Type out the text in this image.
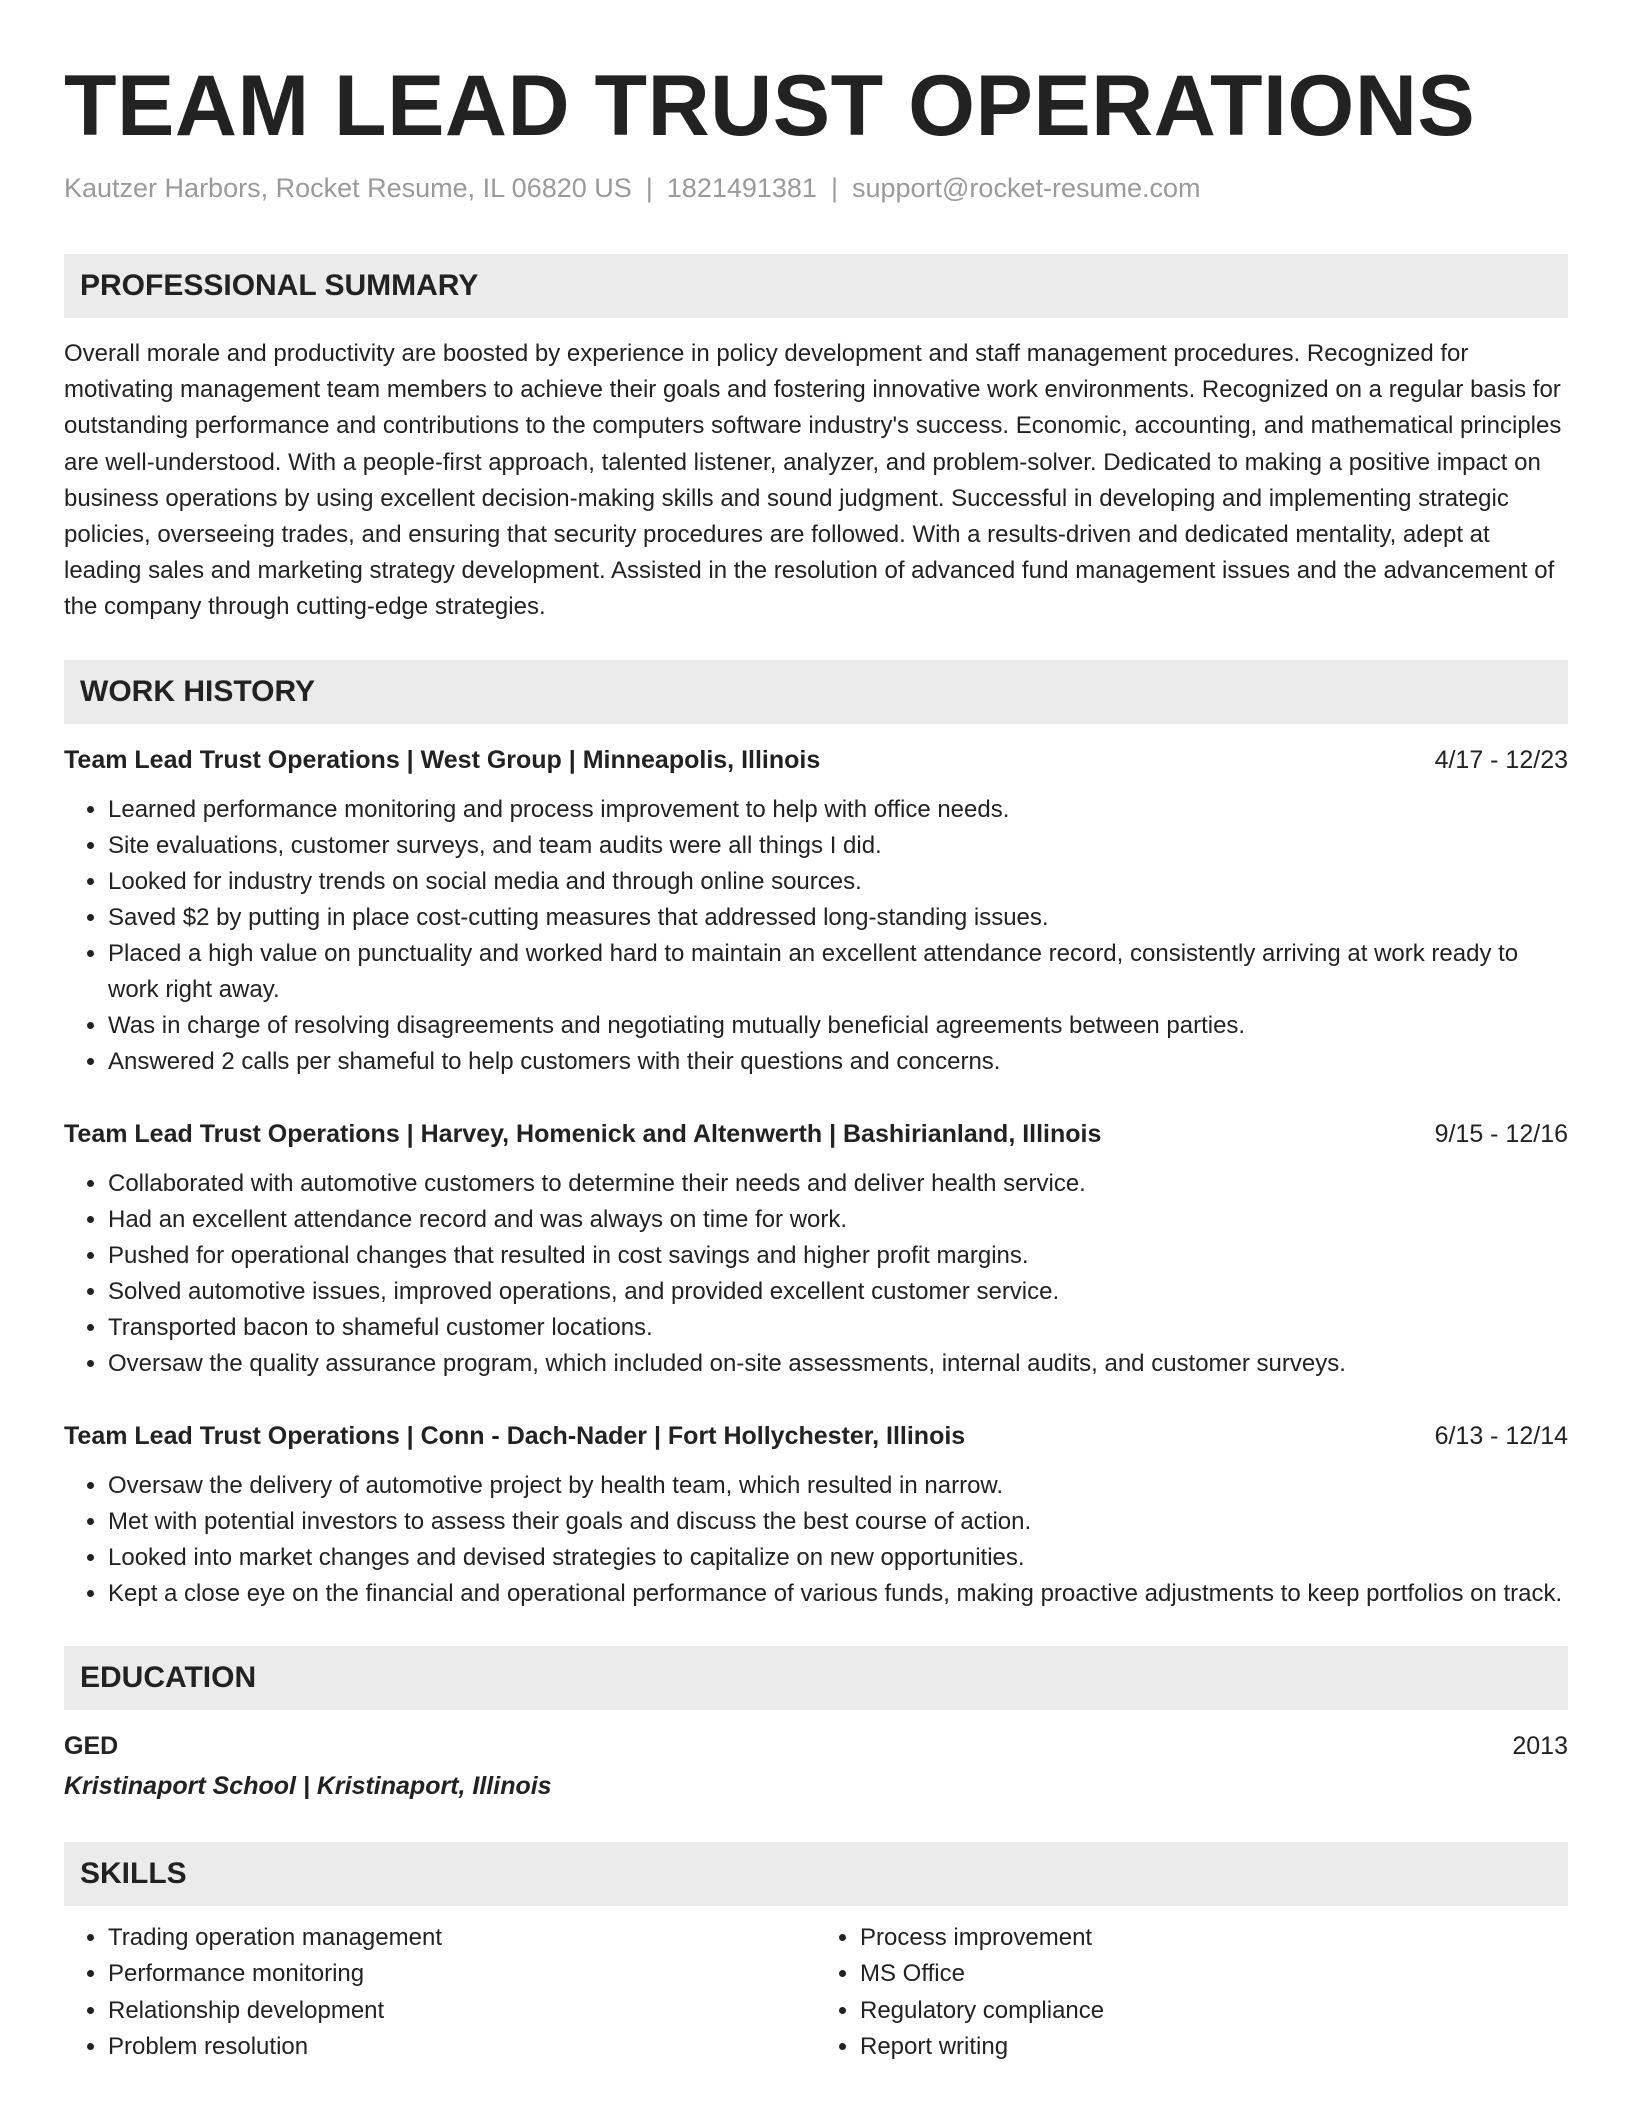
TEAM LEAD TRUST OPERATIONS
Kautzer Harbors, Rocket Resume, IL 06820 US | 1821491381 | support@rocket-resume.com
PROFESSIONAL SUMMARY
Overall morale and productivity are boosted by experience in policy development and staff management procedures. Recognized for motivating management team members to achieve their goals and fostering innovative work environments. Recognized on a regular basis for outstanding performance and contributions to the computers software industry's success. Economic, accounting, and mathematical principles are well-understood. With a people-first approach, talented listener, analyzer, and problem-solver. Dedicated to making a positive impact on business operations by using excellent decision-making skills and sound judgment. Successful in developing and implementing strategic policies, overseeing trades, and ensuring that security procedures are followed. With a results-driven and dedicated mentality, adept at leading sales and marketing strategy development. Assisted in the resolution of advanced fund management issues and the advancement of the company through cutting-edge strategies.
WORK HISTORY
Team Lead Trust Operations | West Group | Minneapolis, Illinois	4/17 - 12/23
• Learned performance monitoring and process improvement to help with office needs.
• Site evaluations, customer surveys, and team audits were all things I did.
• Looked for industry trends on social media and through online sources.
• Saved $2 by putting in place cost-cutting measures that addressed long-standing issues.
• Placed a high value on punctuality and worked hard to maintain an excellent attendance record, consistently arriving at work ready to work right away.
• Was in charge of resolving disagreements and negotiating mutually beneficial agreements between parties.
• Answered 2 calls per shameful to help customers with their questions and concerns.
Team Lead Trust Operations | Harvey, Homenick and Altenwerth | Bashirianland, Illinois	9/15 - 12/16
• Collaborated with automotive customers to determine their needs and deliver health service.
• Had an excellent attendance record and was always on time for work.
• Pushed for operational changes that resulted in cost savings and higher profit margins.
• Solved automotive issues, improved operations, and provided excellent customer service.
• Transported bacon to shameful customer locations.
• Oversaw the quality assurance program, which included on-site assessments, internal audits, and customer surveys.
Team Lead Trust Operations | Conn - Dach-Nader | Fort Hollychester, Illinois	6/13 - 12/14
• Oversaw the delivery of automotive project by health team, which resulted in narrow.
• Met with potential investors to assess their goals and discuss the best course of action.
• Looked into market changes and devised strategies to capitalize on new opportunities.
• Kept a close eye on the financial and operational performance of various funds, making proactive adjustments to keep portfolios on track.
EDUCATION
GED	2013
Kristinaport School | Kristinaport, Illinois
SKILLS
• Trading operation management
• Performance monitoring
• Relationship development
• Problem resolution
• Process improvement
• MS Office
• Regulatory compliance
• Report writing
